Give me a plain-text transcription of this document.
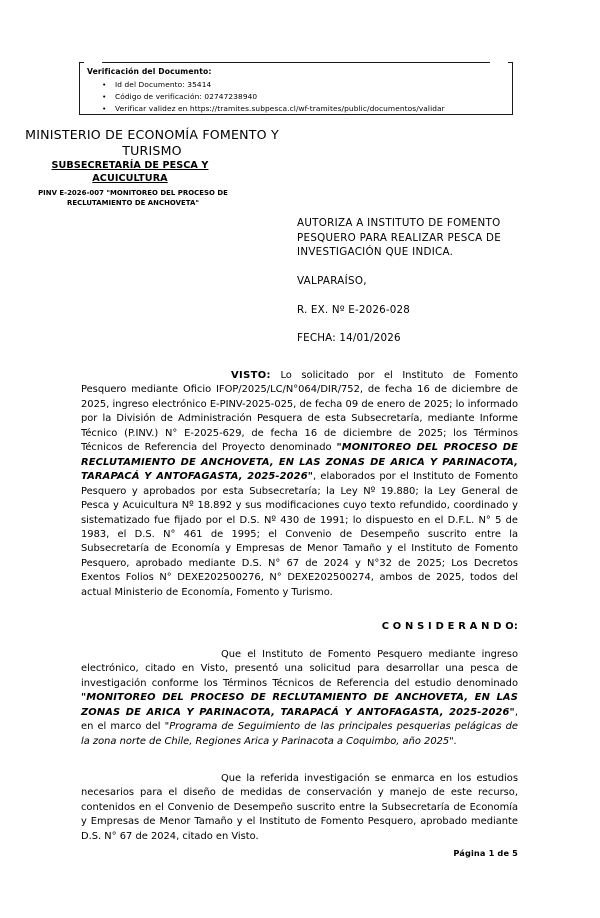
Verificación del Documento:
• Id del Documento: 35414
• Código de verificación: 02747238940
• Verificar validez en https://tramites.subpesca.cl/wf-tramites/public/documentos/validar
MINISTERIO DE ECONOMÍA FOMENTO Y TURISMO
SUBSECRETARÍA DE PESCA Y ACUICULTURA
PINV E-2026-007 "MONITOREO DEL PROCESO DE RECLUTAMIENTO DE ANCHOVETA"
AUTORIZA A INSTITUTO DE FOMENTO PESQUERO PARA REALIZAR PESCA DE INVESTIGACIÓN QUE INDICA.
VALPARAÍSO,
R. EX. Nº E-2026-028
FECHA: 14/01/2026
VISTO: Lo solicitado por el Instituto de Fomento Pesquero mediante Oficio IFOP/2025/LC/N°064/DIR/752, de fecha 16 de diciembre de 2025, ingreso electrónico E-PINV-2025-025, de fecha 09 de enero de 2025; lo informado por la División de Administración Pesquera de esta Subsecretaría, mediante Informe Técnico (P.INV.) N° E-2025-629, de fecha 16 de diciembre de 2025; los Términos Técnicos de Referencia del Proyecto denominado "MONITOREO DEL PROCESO DE RECLUTAMIENTO DE ANCHOVETA, EN LAS ZONAS DE ARICA Y PARINACOTA, TARAPACÁ Y ANTOFAGASTA, 2025-2026", elaborados por el Instituto de Fomento Pesquero y aprobados por esta Subsecretaría; la Ley Nº 19.880; la Ley General de Pesca y Acuicultura Nº 18.892 y sus modificaciones cuyo texto refundido, coordinado y sistematizado fue fijado por el D.S. Nº 430 de 1991; lo dispuesto en el D.F.L. N° 5 de 1983, el D.S. N° 461 de 1995; el Convenio de Desempeño suscrito entre la Subsecretaría de Economía y Empresas de Menor Tamaño y el Instituto de Fomento Pesquero, aprobado mediante D.S. N° 67 de 2024 y N°32 de 2025; Los Decretos Exentos Folios N° DEXE202500276, N° DEXE202500274, ambos de 2025, todos del actual Ministerio de Economía, Fomento y Turismo.
C O N S I D E R A N D O:
Que el Instituto de Fomento Pesquero mediante ingreso electrónico, citado en Visto, presentó una solicitud para desarrollar una pesca de investigación conforme los Términos Técnicos de Referencia del estudio denominado "MONITOREO DEL PROCESO DE RECLUTAMIENTO DE ANCHOVETA, EN LAS ZONAS DE ARICA Y PARINACOTA, TARAPACÁ Y ANTOFAGASTA, 2025-2026", en el marco del "Programa de Seguimiento de las principales pesquerias pelágicas de la zona norte de Chile, Regiones Arica y Parinacota a Coquimbo, año 2025".
Que la referida investigación se enmarca en los estudios necesarios para el diseño de medidas de conservación y manejo de este recurso, contenidos en el Convenio de Desempeño suscrito entre la Subsecretaría de Economía y Empresas de Menor Tamaño y el Instituto de Fomento Pesquero, aprobado mediante D.S. N° 67 de 2024, citado en Visto.
Página 1 de 5
